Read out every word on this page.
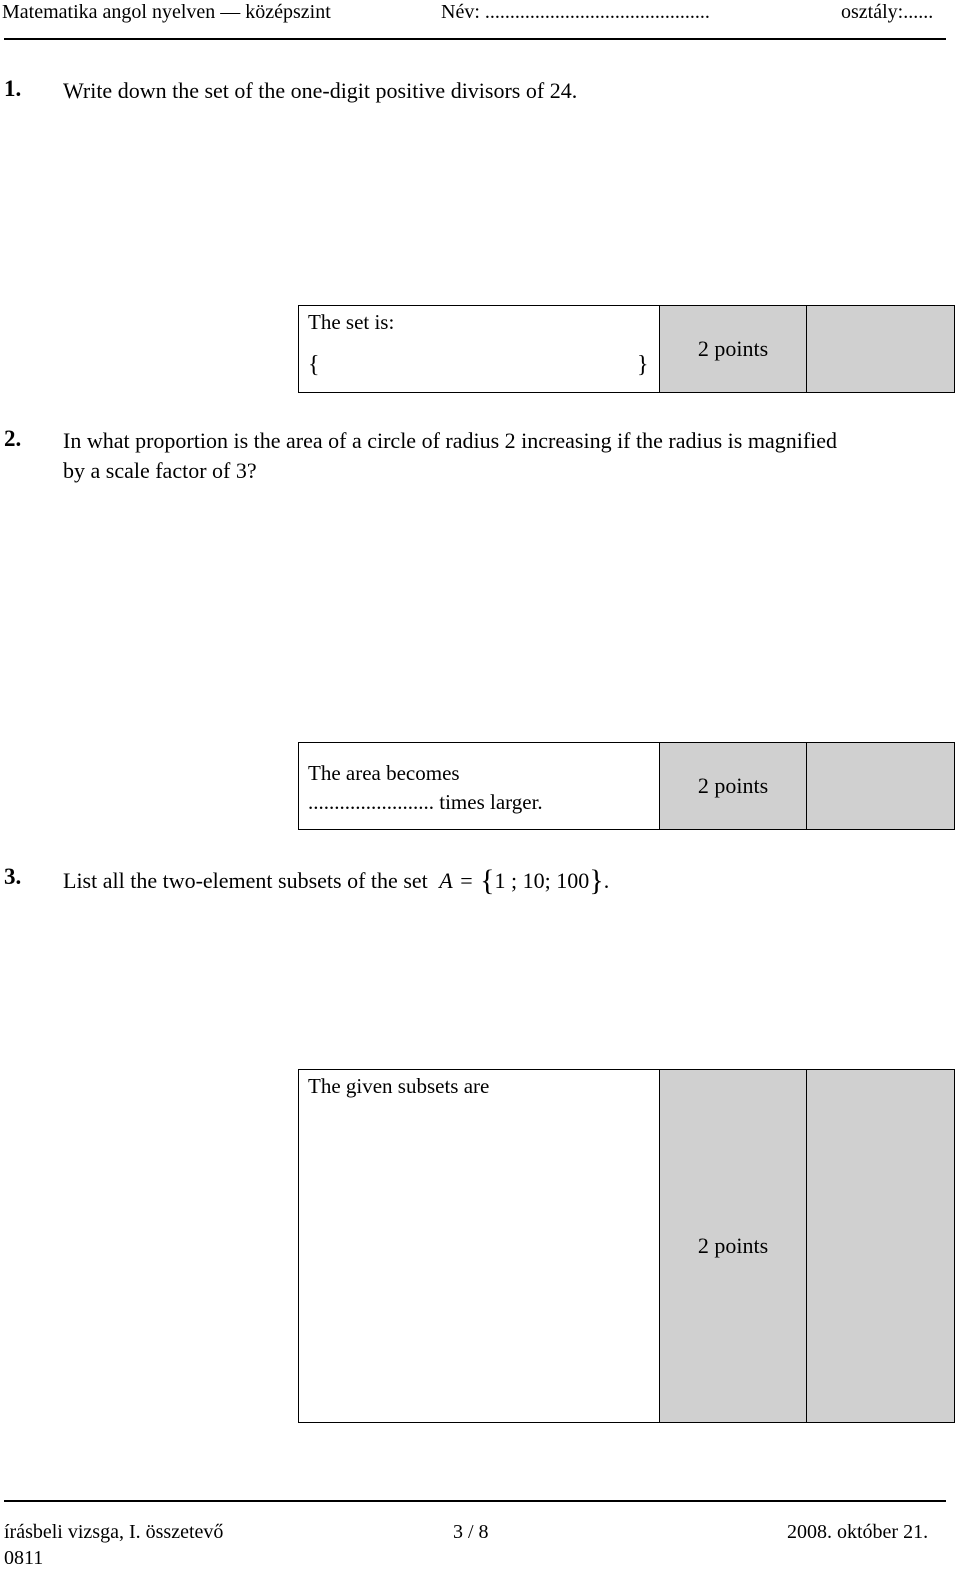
Matematika angol nyelven — középszint	Név: .............................................	osztály:......
1. Write down the set of the one-digit positive divisors of 24.
The set is:
{	}
2 points
2. In what proportion is the area of a circle of radius 2 increasing if the radius is magnified
by a scale factor of 3?
The area becomes
........................ times larger.
2 points
3. List all the two-element subsets of the set A = {1 ; 10; 100}.
The given subsets are
2 points
írásbeli vizsga, I. összetevő
0811
3 / 8	2008. október 21.
